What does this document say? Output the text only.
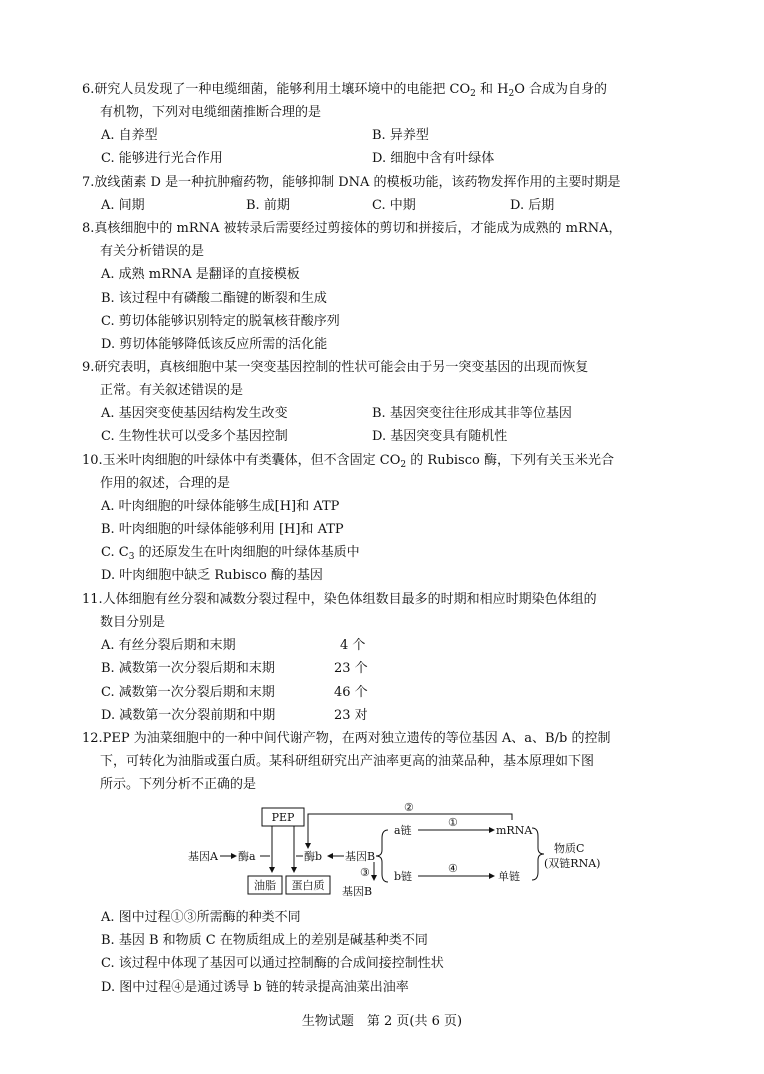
6.研究人员发现了一种电缆细菌，能够利用土壤环境中的电能把 $CO_2$ 和 $H_2O$ 合成为自身的
有机物，下列对电缆细菌推断合理的是
A. 自养型	B. 异养型
C. 能够进行光合作用	D. 细胞中含有叶绿体
7.放线菌素 D 是一种抗肿瘤药物，能够抑制 DNA 的模板功能，该药物发挥作用的主要时期是
A. 间期	B. 前期	C. 中期	D. 后期
8.真核细胞中的 mRNA 被转录后需要经过剪接体的剪切和拼接后，才能成为成熟的 mRNA，
有关分析错误的是
A. 成熟 mRNA 是翻译的直接模板
B. 该过程中有磷酸二酯键的断裂和生成
C. 剪切体能够识别特定的脱氧核苷酸序列
D. 剪切体能够降低该反应所需的活化能
9.研究表明，真核细胞中某一突变基因控制的性状可能会由于另一突变基因的出现而恢复
正常。有关叙述错误的是
A. 基因突变使基因结构发生改变	B. 基因突变往往形成其非等位基因
C. 生物性状可以受多个基因控制	D. 基因突变具有随机性
10.玉米叶肉细胞的叶绿体中有类囊体，但不含固定 $CO_2$ 的 Rubisco 酶，下列有关玉米光合
作用的叙述，合理的是
A. 叶肉细胞的叶绿体能够生成[H]和 ATP
B. 叶肉细胞的叶绿体能够利用 [H]和 ATP
C. $C_3$ 的还原发生在叶肉细胞的叶绿体基质中
D. 叶肉细胞中缺乏 Rubisco 酶的基因
11.人体细胞有丝分裂和减数分裂过程中，染色体组数目最多的时期和相应时期染色体组的
数目分别是
A. 有丝分裂后期和末期	4 个
B. 减数第一次分裂后期和末期	23 个
C. 减数第一次分裂后期和末期	46 个
D. 减数第一次分裂前期和中期	23 对
12.PEP 为油菜细胞中的一种中间代谢产物，在两对独立遗传的等位基因 A、a、B/b 的控制
下，可转化为油脂或蛋白质。某科研组研究出产油率更高的油菜品种，基本原理如下图
所示。下列分析不正确的是
PEP
基因A 酶a	酶b 基因B
③
基因B
油脂 蛋白质
a链
①
mRNA
b链
④
单链
物质C
(双链RNA)
②
A. 图中过程①③所需酶的种类不同
B. 基因 B 和物质 C 在物质组成上的差别是碱基种类不同
C. 该过程中体现了基因可以通过控制酶的合成间接控制性状
D. 图中过程④是通过诱导 b 链的转录提高油菜出油率
生物试题　第 2 页(共 6 页)
